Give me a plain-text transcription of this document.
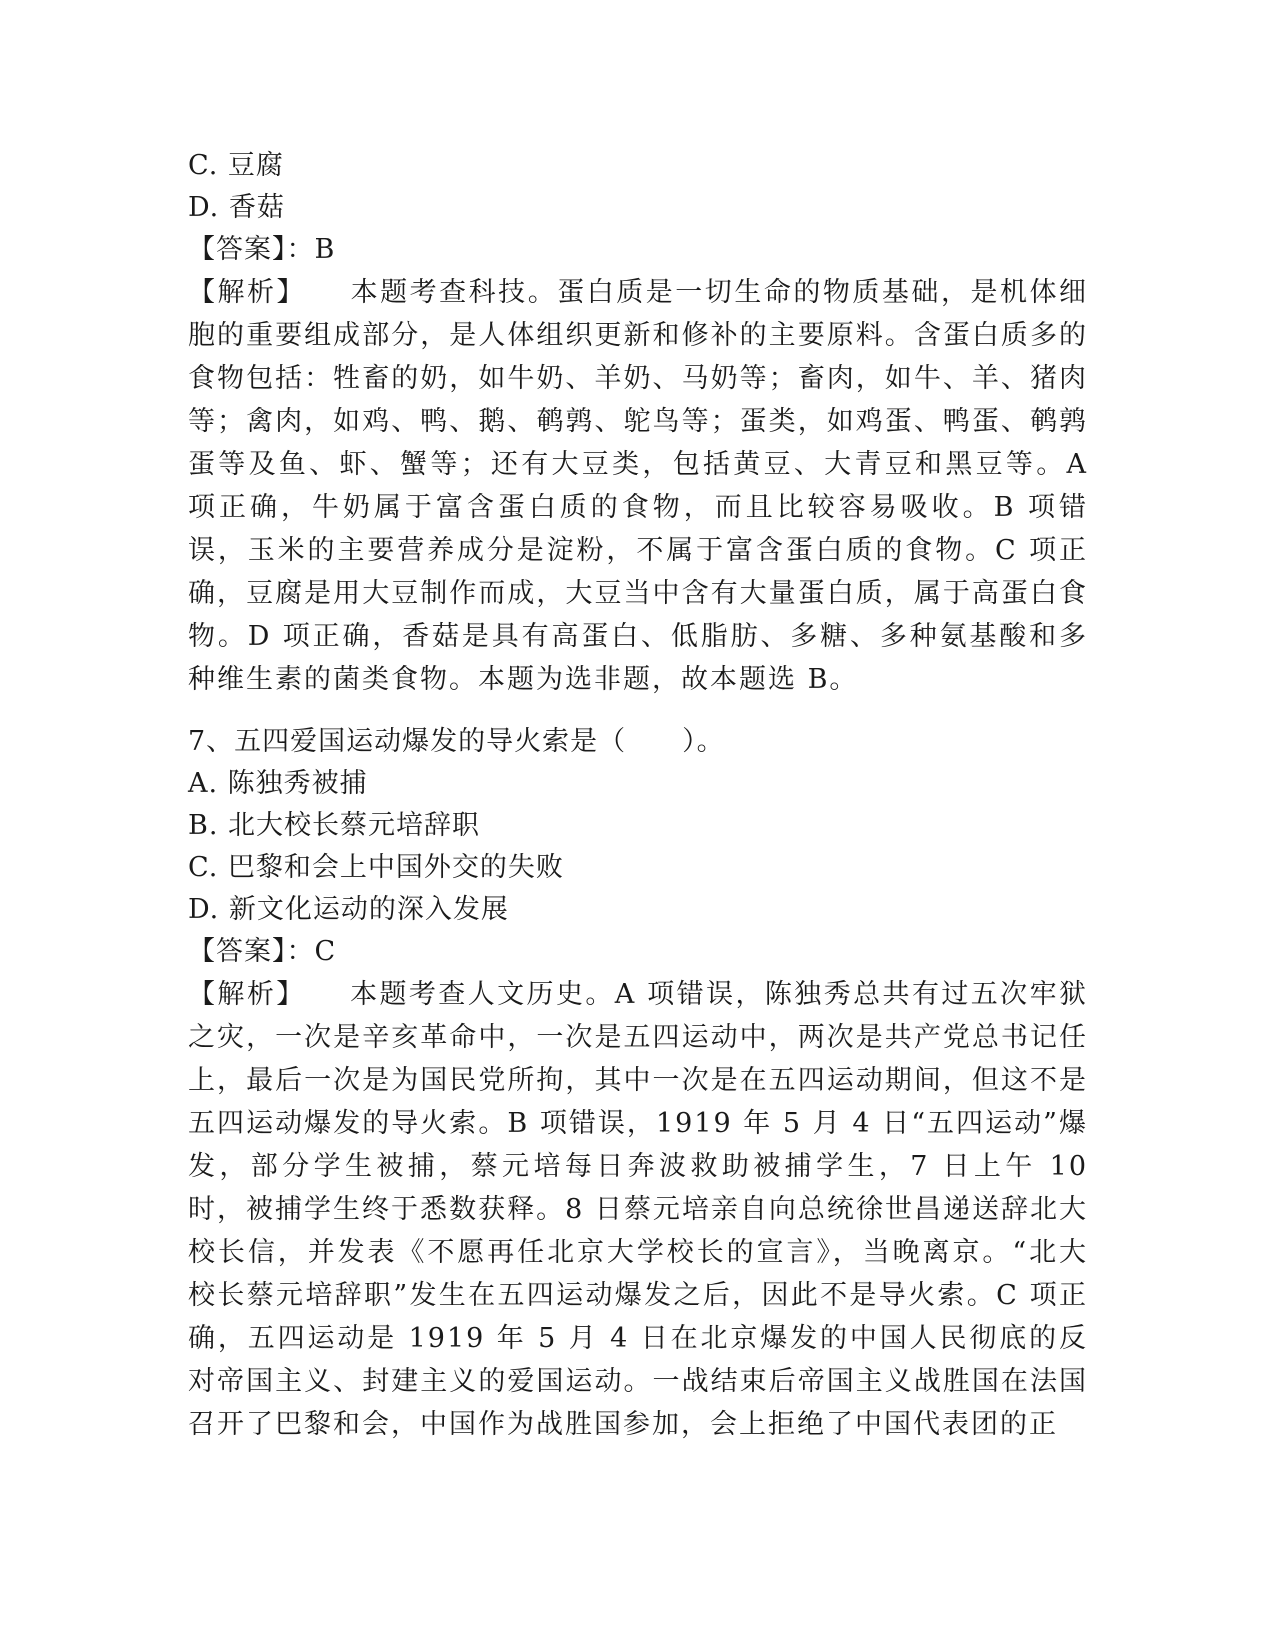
C. 豆腐
D. 香菇
【答案】：B
【解析】 本题考查科技。蛋白质是一切生命的物质基础，是机体细胞的重要组成部分，是人体组织更新和修补的主要原料。含蛋白质多的食物包括：牲畜的奶，如牛奶、羊奶、马奶等；畜肉，如牛、羊、猪肉等；禽肉，如鸡、鸭、鹅、鹌鹑、鸵鸟等；蛋类，如鸡蛋、鸭蛋、鹌鹑蛋等及鱼、虾、蟹等；还有大豆类，包括黄豆、大青豆和黑豆等。A 项正确，牛奶属于富含蛋白质的食物，而且比较容易吸收。B 项错误，玉米的主要营养成分是淀粉，不属于富含蛋白质的食物。C 项正确，豆腐是用大豆制作而成，大豆当中含有大量蛋白质，属于高蛋白食物。D 项正确，香菇是具有高蛋白、低脂肪、多糖、多种氨基酸和多种维生素的菌类食物。本题为选非题，故本题选 B。
7、五四爱国运动爆发的导火索是（　　）。
A. 陈独秀被捕
B. 北大校长蔡元培辞职
C. 巴黎和会上中国外交的失败
D. 新文化运动的深入发展
【答案】：C
【解析】 本题考查人文历史。A 项错误，陈独秀总共有过五次牢狱之灾，一次是辛亥革命中，一次是五四运动中，两次是共产党总书记任上，最后一次是为国民党所拘，其中一次是在五四运动期间，但这不是五四运动爆发的导火索。B 项错误，1919 年 5 月 4 日“五四运动”爆发，部分学生被捕，蔡元培每日奔波救助被捕学生，7 日上午 10 时，被捕学生终于悉数获释。8 日蔡元培亲自向总统徐世昌递送辞北大校长信，并发表《不愿再任北京大学校长的宣言》，当晚离京。“北大校长蔡元培辞职”发生在五四运动爆发之后，因此不是导火索。C 项正确，五四运动是 1919 年 5 月 4 日在北京爆发的中国人民彻底的反对帝国主义、封建主义的爱国运动。一战结束后帝国主义战胜国在法国召开了巴黎和会，中国作为战胜国参加，会上拒绝了中国代表团的正
